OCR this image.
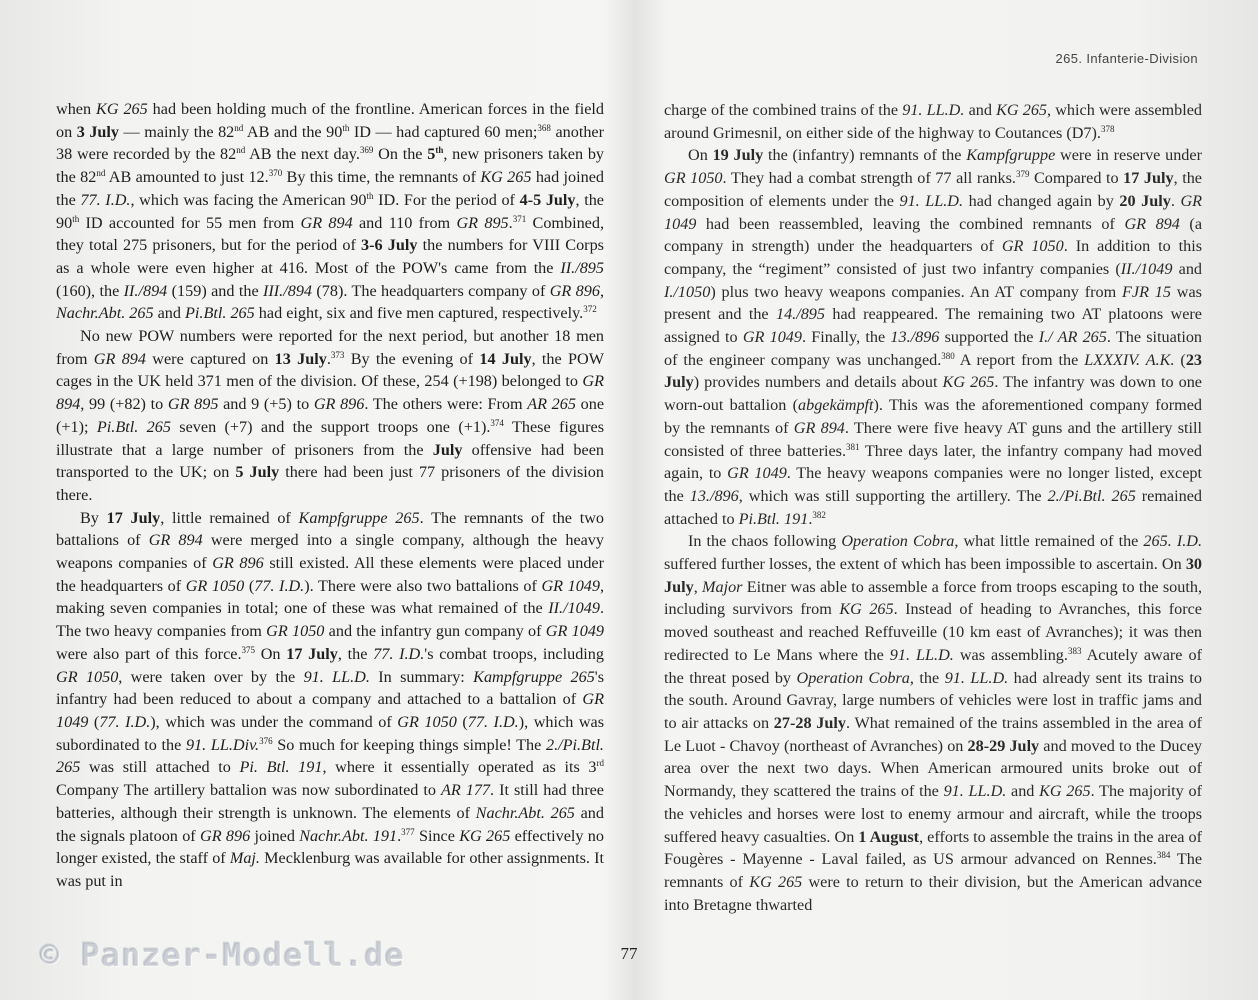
265. Infanterie-Division

when KG 265 had been holding much of the frontline. American forces in the field on 3 July — mainly the 82nd AB and the 90th ID — had captured 60 men;$^{368}$ another 38 were recorded by the 82nd AB the next day.$^{369}$ On the 5th, new prisoners taken by the 82nd AB amounted to just 12.$^{370}$ By this time, the remnants of KG 265 had joined the 77. I.D., which was facing the American 90th ID. For the period of 4-5 July, the 90th ID accounted for 55 men from GR 894 and 110 from GR 895.$^{371}$ Combined, they total 275 prisoners, but for the period of 3-6 July the numbers for VIII Corps as a whole were even higher at 416. Most of the POW's came from the II./895 (160), the II./894 (159) and the III./894 (78). The headquarters company of GR 896, Nachr.Abt. 265 and Pi.Btl. 265 had eight, six and five men captured, respectively.$^{372}$

No new POW numbers were reported for the next period, but another 18 men from GR 894 were captured on 13 July.$^{373}$ By the evening of 14 July, the POW cages in the UK held 371 men of the division. Of these, 254 (+198) belonged to GR 894, 99 (+82) to GR 895 and 9 (+5) to GR 896. The others were: From AR 265 one (+1); Pi.Btl. 265 seven (+7) and the support troops one (+1).$^{374}$ These figures illustrate that a large number of prisoners from the July offensive had been transported to the UK; on 5 July there had been just 77 prisoners of the division there.

By 17 July, little remained of Kampfgruppe 265. The remnants of the two battalions of GR 894 were merged into a single company, although the heavy weapons companies of GR 896 still existed. All these elements were placed under the headquarters of GR 1050 (77. I.D.). There were also two battalions of GR 1049, making seven companies in total; one of these was what remained of the II./1049. The two heavy companies from GR 1050 and the infantry gun company of GR 1049 were also part of this force.$^{375}$ On 17 July, the 77. I.D.'s combat troops, including GR 1050, were taken over by the 91. LL.D. In summary: Kampfgruppe 265's infantry had been reduced to about a company and attached to a battalion of GR 1049 (77. I.D.), which was under the command of GR 1050 (77. I.D.), which was subordinated to the 91. LL.Div.$^{376}$ So much for keeping things simple! The 2./Pi.Btl. 265 was still attached to Pi. Btl. 191, where it essentially operated as its 3rd Company The artillery battalion was now subordinated to AR 177. It still had three batteries, although their strength is unknown. The elements of Nachr.Abt. 265 and the signals platoon of GR 896 joined Nachr.Abt. 191.$^{377}$ Since KG 265 effectively no longer existed, the staff of Maj. Mecklenburg was available for other assignments. It was put in

charge of the combined trains of the 91. LL.D. and KG 265, which were assembled around Grimesnil, on either side of the highway to Coutances (D7).$^{378}$

On 19 July the (infantry) remnants of the Kampfgruppe were in reserve under GR 1050. They had a combat strength of 77 all ranks.$^{379}$ Compared to 17 July, the composition of elements under the 91. LL.D. had changed again by 20 July. GR 1049 had been reassembled, leaving the combined remnants of GR 894 (a company in strength) under the headquarters of GR 1050. In addition to this company, the “regiment” consisted of just two infantry companies (II./1049 and I./1050) plus two heavy weapons companies. An AT company from FJR 15 was present and the 14./895 had reappeared. The remaining two AT platoons were assigned to GR 1049. Finally, the 13./896 supported the I./ AR 265. The situation of the engineer company was unchanged.$^{380}$ A report from the LXXXIV. A.K. (23 July) provides numbers and details about KG 265. The infantry was down to one worn-out battalion (abgekämpft). This was the aforementioned company formed by the remnants of GR 894. There were five heavy AT guns and the artillery still consisted of three batteries.$^{381}$ Three days later, the infantry company had moved again, to GR 1049. The heavy weapons companies were no longer listed, except the 13./896, which was still supporting the artillery. The 2./Pi.Btl. 265 remained attached to Pi.Btl. 191.$^{382}$

In the chaos following Operation Cobra, what little remained of the 265. I.D. suffered further losses, the extent of which has been impossible to ascertain. On 30 July, Major Eitner was able to assemble a force from troops escaping to the south, including survivors from KG 265. Instead of heading to Avranches, this force moved southeast and reached Reffuveille (10 km east of Avranches); it was then redirected to Le Mans where the 91. LL.D. was assembling.$^{383}$ Acutely aware of the threat posed by Operation Cobra, the 91. LL.D. had already sent its trains to the south. Around Gavray, large numbers of vehicles were lost in traffic jams and to air attacks on 27-28 July. What remained of the trains assembled in the area of Le Luot - Chavoy (northeast of Avranches) on 28-29 July and moved to the Ducey area over the next two days. When American armoured units broke out of Normandy, they scattered the trains of the 91. LL.D. and KG 265. The majority of the vehicles and horses were lost to enemy armour and aircraft, while the troops suffered heavy casualties. On 1 August, efforts to assemble the trains in the area of Fougères - Mayenne - Laval failed, as US armour advanced on Rennes.$^{384}$ The remnants of KG 265 were to return to their division, but the American advance into Bretagne thwarted

77
© Panzer-Modell.de
